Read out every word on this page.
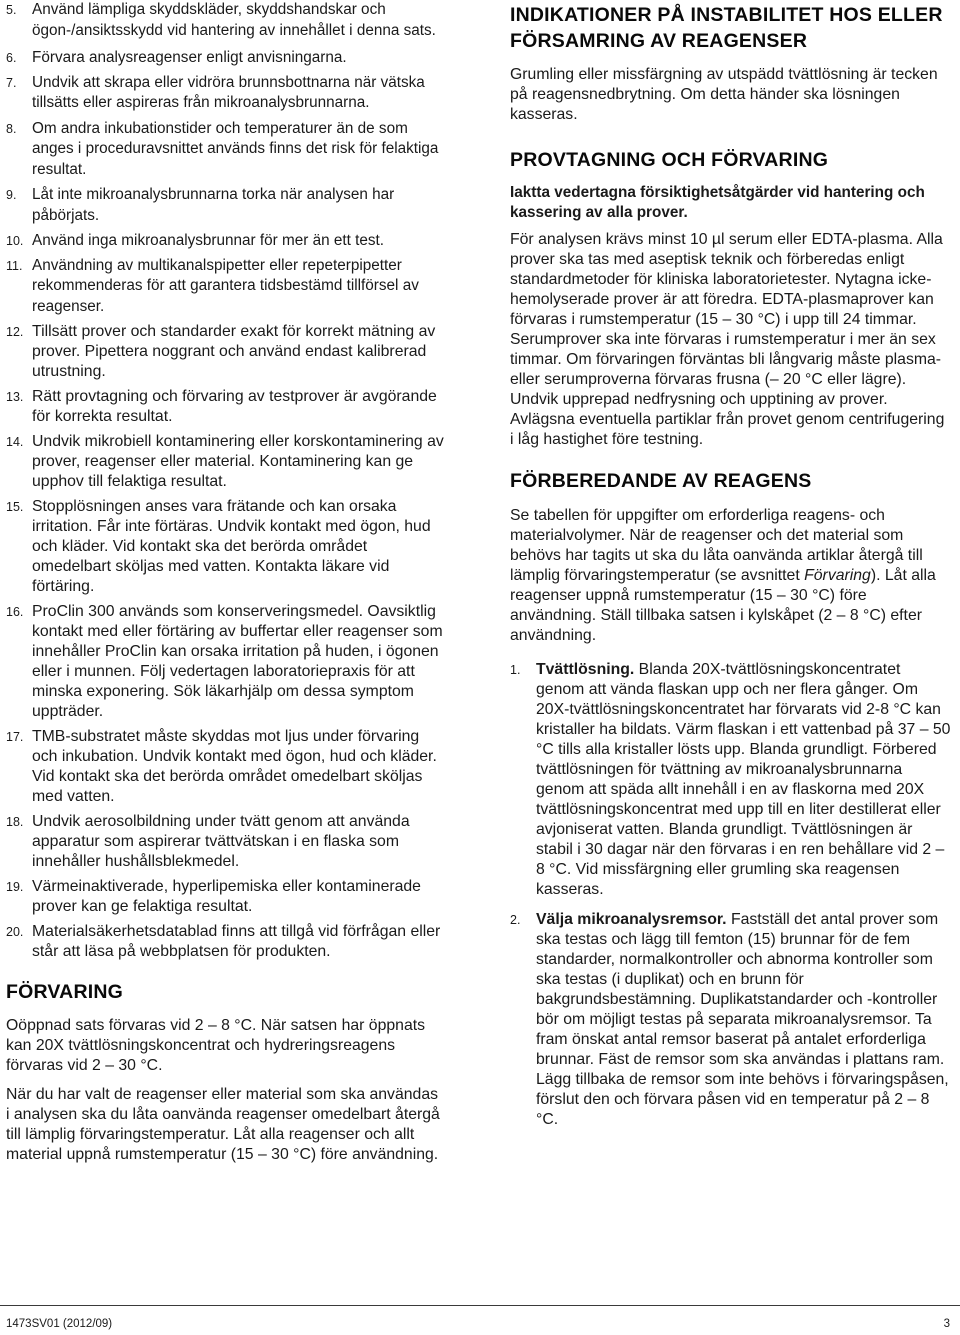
5. Använd lämpliga skyddskläder, skyddshandskar och ögon-/ansiktsskydd vid hantering av innehållet i denna sats.
6. Förvara analysreagenser enligt anvisningarna.
7. Undvik att skrapa eller vidröra brunnsbottnarna när vätska tillsätts eller aspireras från mikroanalysbrunnarna.
8. Om andra inkubationstider och temperaturer än de som anges i proceduravsnittet används finns det risk för felaktiga resultat.
9. Låt inte mikroanalysbrunnarna torka när analysen har påbörjats.
10. Använd inga mikroanalysbrunnar för mer än ett test.
11. Användning av multikanalspipetter eller repeterpipetter rekommenderas för att garantera tidsbestämd tillförsel av reagenser.
12. Tillsätt prover och standarder exakt för korrekt mätning av prover. Pipettera noggrant och använd endast kalibrerad utrustning.
13. Rätt provtagning och förvaring av testprover är avgörande för korrekta resultat.
14. Undvik mikrobiell kontaminering eller korskontaminering av prover, reagenser eller material. Kontaminering kan ge upphov till felaktiga resultat.
15. Stopplösningen anses vara frätande och kan orsaka irritation. Får inte förtäras. Undvik kontakt med ögon, hud och kläder. Vid kontakt ska det berörda området omedelbart sköljas med vatten. Kontakta läkare vid förtäring.
16. ProClin 300 används som konserveringsmedel. Oavsiktlig kontakt med eller förtäring av buffertar eller reagenser som innehåller ProClin kan orsaka irritation på huden, i ögonen eller i munnen. Följ vedertagen laboratoriepraxis för att minska exponering. Sök läkarhjälp om dessa symptom uppträder.
17. TMB-substratet måste skyddas mot ljus under förvaring och inkubation. Undvik kontakt med ögon, hud och kläder. Vid kontakt ska det berörda området omedelbart sköljas med vatten.
18. Undvik aerosolbildning under tvätt genom att använda apparatur som aspirerar tvättvätskan i en flaska som innehåller hushållsblekmedel.
19. Värmeinaktiverade, hyperlipemiska eller kontaminerade prover kan ge felaktiga resultat.
20. Materialsäkerhetsdatablad finns att tillgå vid förfrågan eller står att läsa på webbplatsen för produkten.
FÖRVARING

Oöppnad sats förvaras vid 2 – 8 °C. När satsen har öppnats kan 20X tvättlösningskoncentrat och hydreringsreagens förvaras vid 2 – 30 °C.

När du har valt de reagenser eller material som ska användas i analysen ska du låta oanvända reagenser omedelbart återgå till lämplig förvaringstemperatur. Låt alla reagenser och allt material uppnå rumstemperatur (15 – 30 °C) före användning.

INDIKATIONER PÅ INSTABILITET HOS ELLER
FÖRSAMRING AV REAGENSER

Grumling eller missfärgning av utspädd tvättlösning är tecken på reagensnedbrytning. Om detta händer ska lösningen kasseras.

PROVTAGNING OCH FÖRVARING

Iaktta vedertagna försiktighetsåtgärder vid hantering och kassering av alla prover.

För analysen krävs minst 10 µl serum eller EDTA-plasma. Alla prover ska tas med aseptisk teknik och förberedas enligt standardmetoder för kliniska laboratorietester. Nytagna icke-hemolyserade prover är att föredra. EDTA-plasmaprover kan förvaras i rumstemperatur (15 – 30 °C) i upp till 24 timmar. Serumprover ska inte förvaras i rumstemperatur i mer än sex timmar. Om förvaringen förväntas bli långvarig måste plasma- eller serumproverna förvaras frusna (– 20 °C eller lägre). Undvik upprepad nedfrysning och upptining av prover. Avlägsna eventuella partiklar från provet genom centrifugering i låg hastighet före testning.

FÖRBEREDANDE AV REAGENS

Se tabellen för uppgifter om erforderliga reagens- och materialvolymer. När de reagenser och det material som behövs har tagits ut ska du låta oanvända artiklar återgå till lämplig förvaringstemperatur (se avsnittet Förvaring). Låt alla reagenser uppnå rumstemperatur (15 – 30 °C) före användning. Ställ tillbaka satsen i kylskåpet (2 – 8 °C) efter användning.

1. Tvättlösning. Blanda 20X-tvättlösningskoncentratet genom att vända flaskan upp och ner flera gånger. Om 20X-tvättlösningskoncentratet har förvarats vid 2-8 °C kan kristaller ha bildats. Värm flaskan i ett vattenbad på 37 – 50 °C tills alla kristaller lösts upp. Blanda grundligt. Förbered tvättlösningen för tvättning av mikroanalysbrunnarna genom att späda allt innehåll i en av flaskorna med 20X tvättlösningskoncentrat med upp till en liter destillerat eller avjoniserat vatten. Blanda grundligt. Tvättlösningen är stabil i 30 dagar när den förvaras i en ren behållare vid 2 – 8 °C. Vid missfärgning eller grumling ska reagensen kasseras.
2. Välja mikroanalysremsor. Fastställ det antal prover som ska testas och lägg till femton (15) brunnar för de fem standarder, normalkontroller och abnorma kontroller som ska testas (i duplikat) och en brunn för bakgrundsbestämning. Duplikatstandarder och -kontroller bör om möjligt testas på separata mikroanalysremsor. Ta fram önskat antal remsor baserat på antalet erforderliga brunnar. Fäst de remsor som ska användas i plattans ram. Lägg tillbaka de remsor som inte behövs i förvaringspåsen, förslut den och förvara påsen vid en temperatur på 2 – 8 °C.
1473SV01 (2012/09)	3
